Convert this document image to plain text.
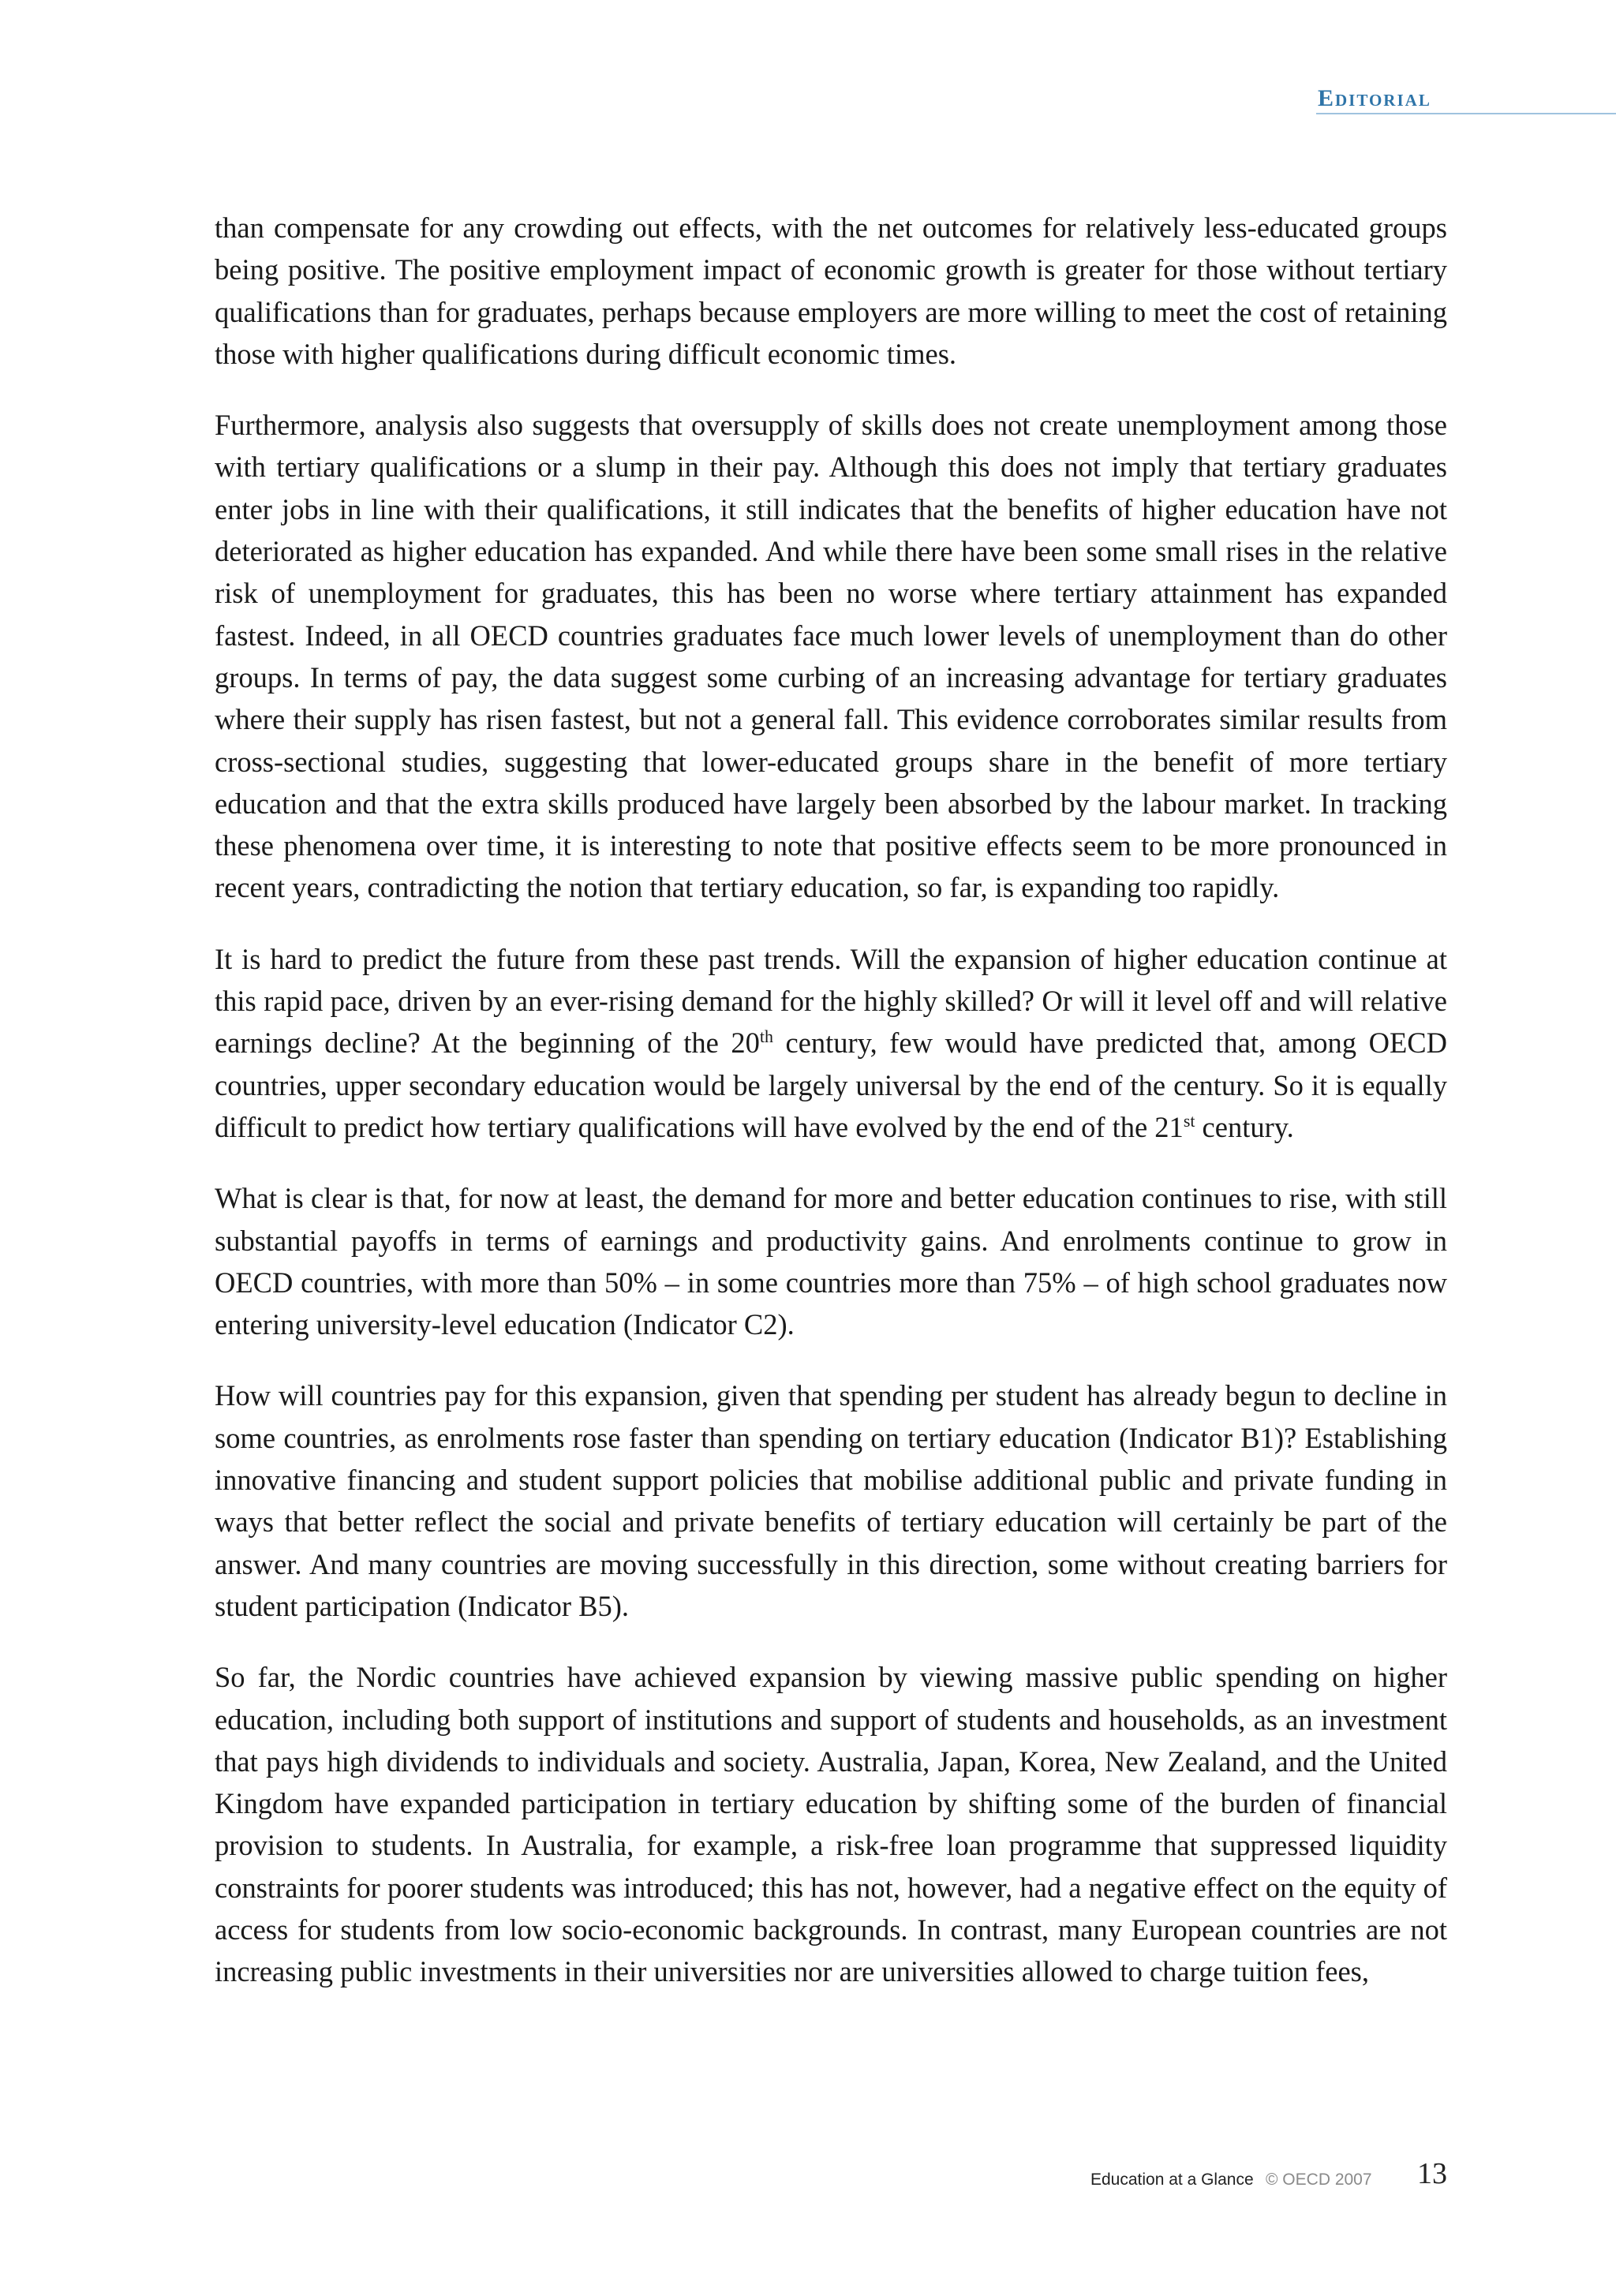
Editorial

than compensate for any crowding out effects, with the net outcomes for relatively less-educated groups being positive. The positive employment impact of economic growth is greater for those without tertiary qualifications than for graduates, perhaps because employers are more willing to meet the cost of retaining those with higher qualifications during difficult economic times.

Furthermore, analysis also suggests that oversupply of skills does not create unemployment among those with tertiary qualifications or a slump in their pay. Although this does not imply that tertiary graduates enter jobs in line with their qualifications, it still indicates that the benefits of higher education have not deteriorated as higher education has expanded. And while there have been some small rises in the relative risk of unemployment for graduates, this has been no worse where tertiary attainment has expanded fastest. Indeed, in all OECD countries graduates face much lower levels of unemployment than do other groups. In terms of pay, the data suggest some curbing of an increasing advantage for tertiary graduates where their supply has risen fastest, but not a general fall. This evidence corroborates similar results from cross-sectional studies, suggesting that lower-educated groups share in the benefit of more tertiary education and that the extra skills produced have largely been absorbed by the labour market. In tracking these phenomena over time, it is interesting to note that positive effects seem to be more pronounced in recent years, contradicting the notion that tertiary education, so far, is expanding too rapidly.

It is hard to predict the future from these past trends. Will the expansion of higher education continue at this rapid pace, driven by an ever-rising demand for the highly skilled? Or will it level off and will relative earnings decline? At the beginning of the 20th century, few would have predicted that, among OECD countries, upper secondary education would be largely universal by the end of the century. So it is equally difficult to predict how tertiary qualifications will have evolved by the end of the 21st century.

What is clear is that, for now at least, the demand for more and better education continues to rise, with still substantial payoffs in terms of earnings and productivity gains. And enrolments continue to grow in OECD countries, with more than 50% – in some countries more than 75% – of high school graduates now entering university-level education (Indicator C2).

How will countries pay for this expansion, given that spending per student has already begun to decline in some countries, as enrolments rose faster than spending on tertiary education (Indicator B1)? Establishing innovative financing and student support policies that mobilise additional public and private funding in ways that better reflect the social and private benefits of tertiary education will certainly be part of the answer. And many countries are moving successfully in this direction, some without creating barriers for student participation (Indicator B5).

So far, the Nordic countries have achieved expansion by viewing massive public spending on higher education, including both support of institutions and support of students and households, as an investment that pays high dividends to individuals and society. Australia, Japan, Korea, New Zealand, and the United Kingdom have expanded participation in tertiary education by shifting some of the burden of financial provision to students. In Australia, for example, a risk-free loan programme that suppressed liquidity constraints for poorer students was introduced; this has not, however, had a negative effect on the equity of access for students from low socio-economic backgrounds. In contrast, many European countries are not increasing public investments in their universities nor are universities allowed to charge tuition fees,

Education at a Glance © OECD 2007 13
